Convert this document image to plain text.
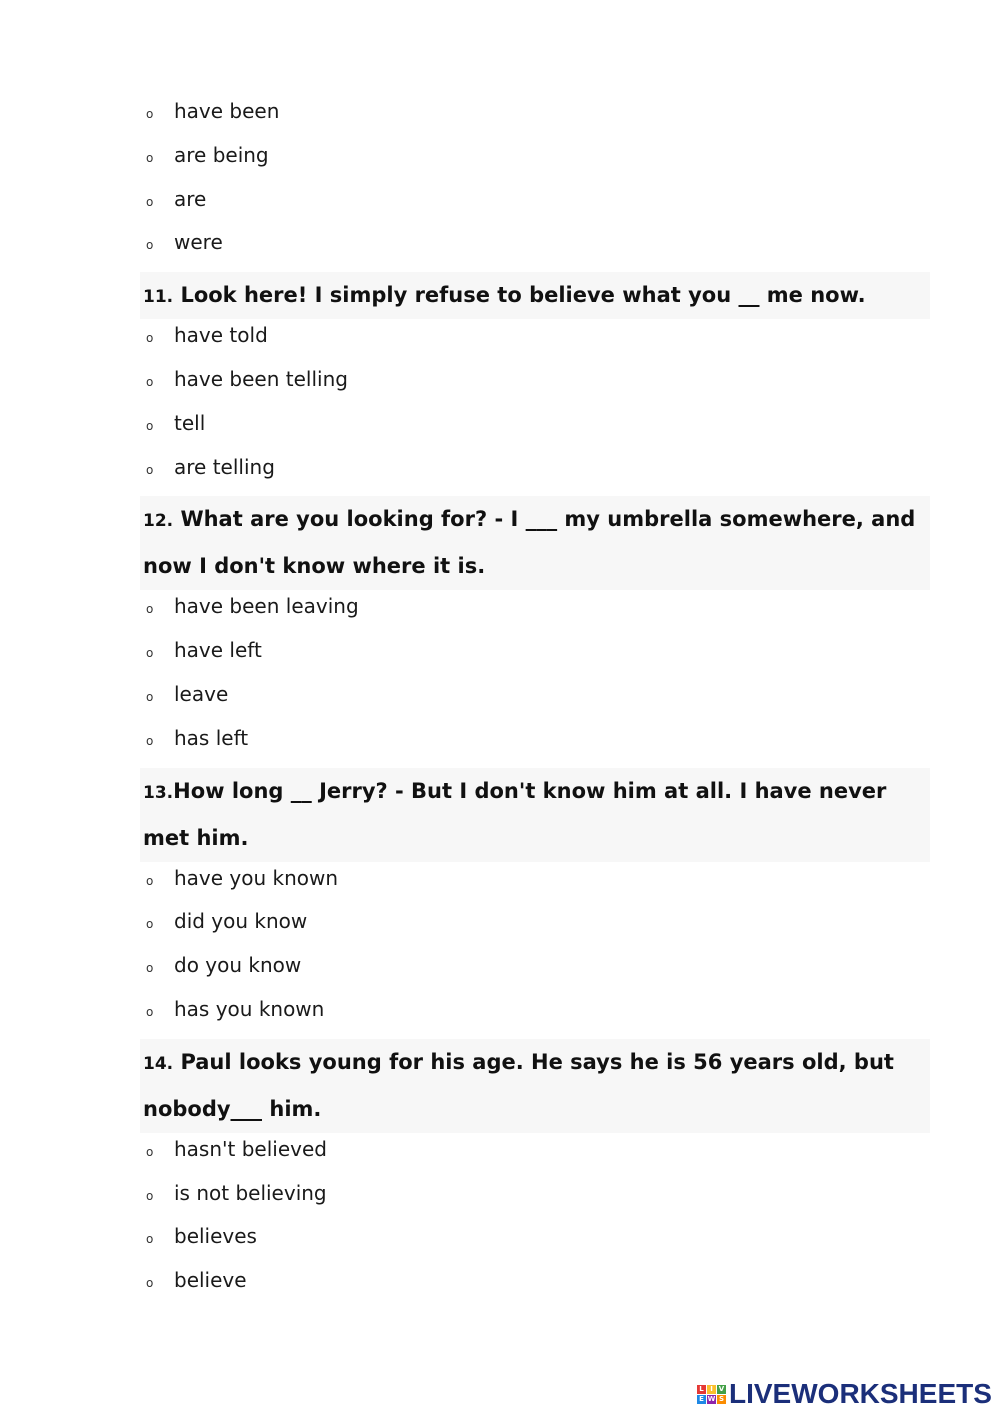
o	have been
o	are being
o	are
o	were
11. Look here! I simply refuse to believe what you __ me now.
o	have told
o	have been telling
o	tell
o	are telling
12. What are you looking for? - I ___ my umbrella somewhere, and
now I don't know where it is.
o	have been leaving
o	have left
o	leave
o	has left
13.How long __ Jerry? - But I don't know him at all. I have never
met him.
o	have you known
o	did you know
o	do you know
o	has you known
14. Paul looks young for his age. He says he is 56 years old, but
nobody___ him.
o	hasn't believed
o	is not believing
o	believes
o	believe
L I V
E W S LIVEWORKSHEETS
